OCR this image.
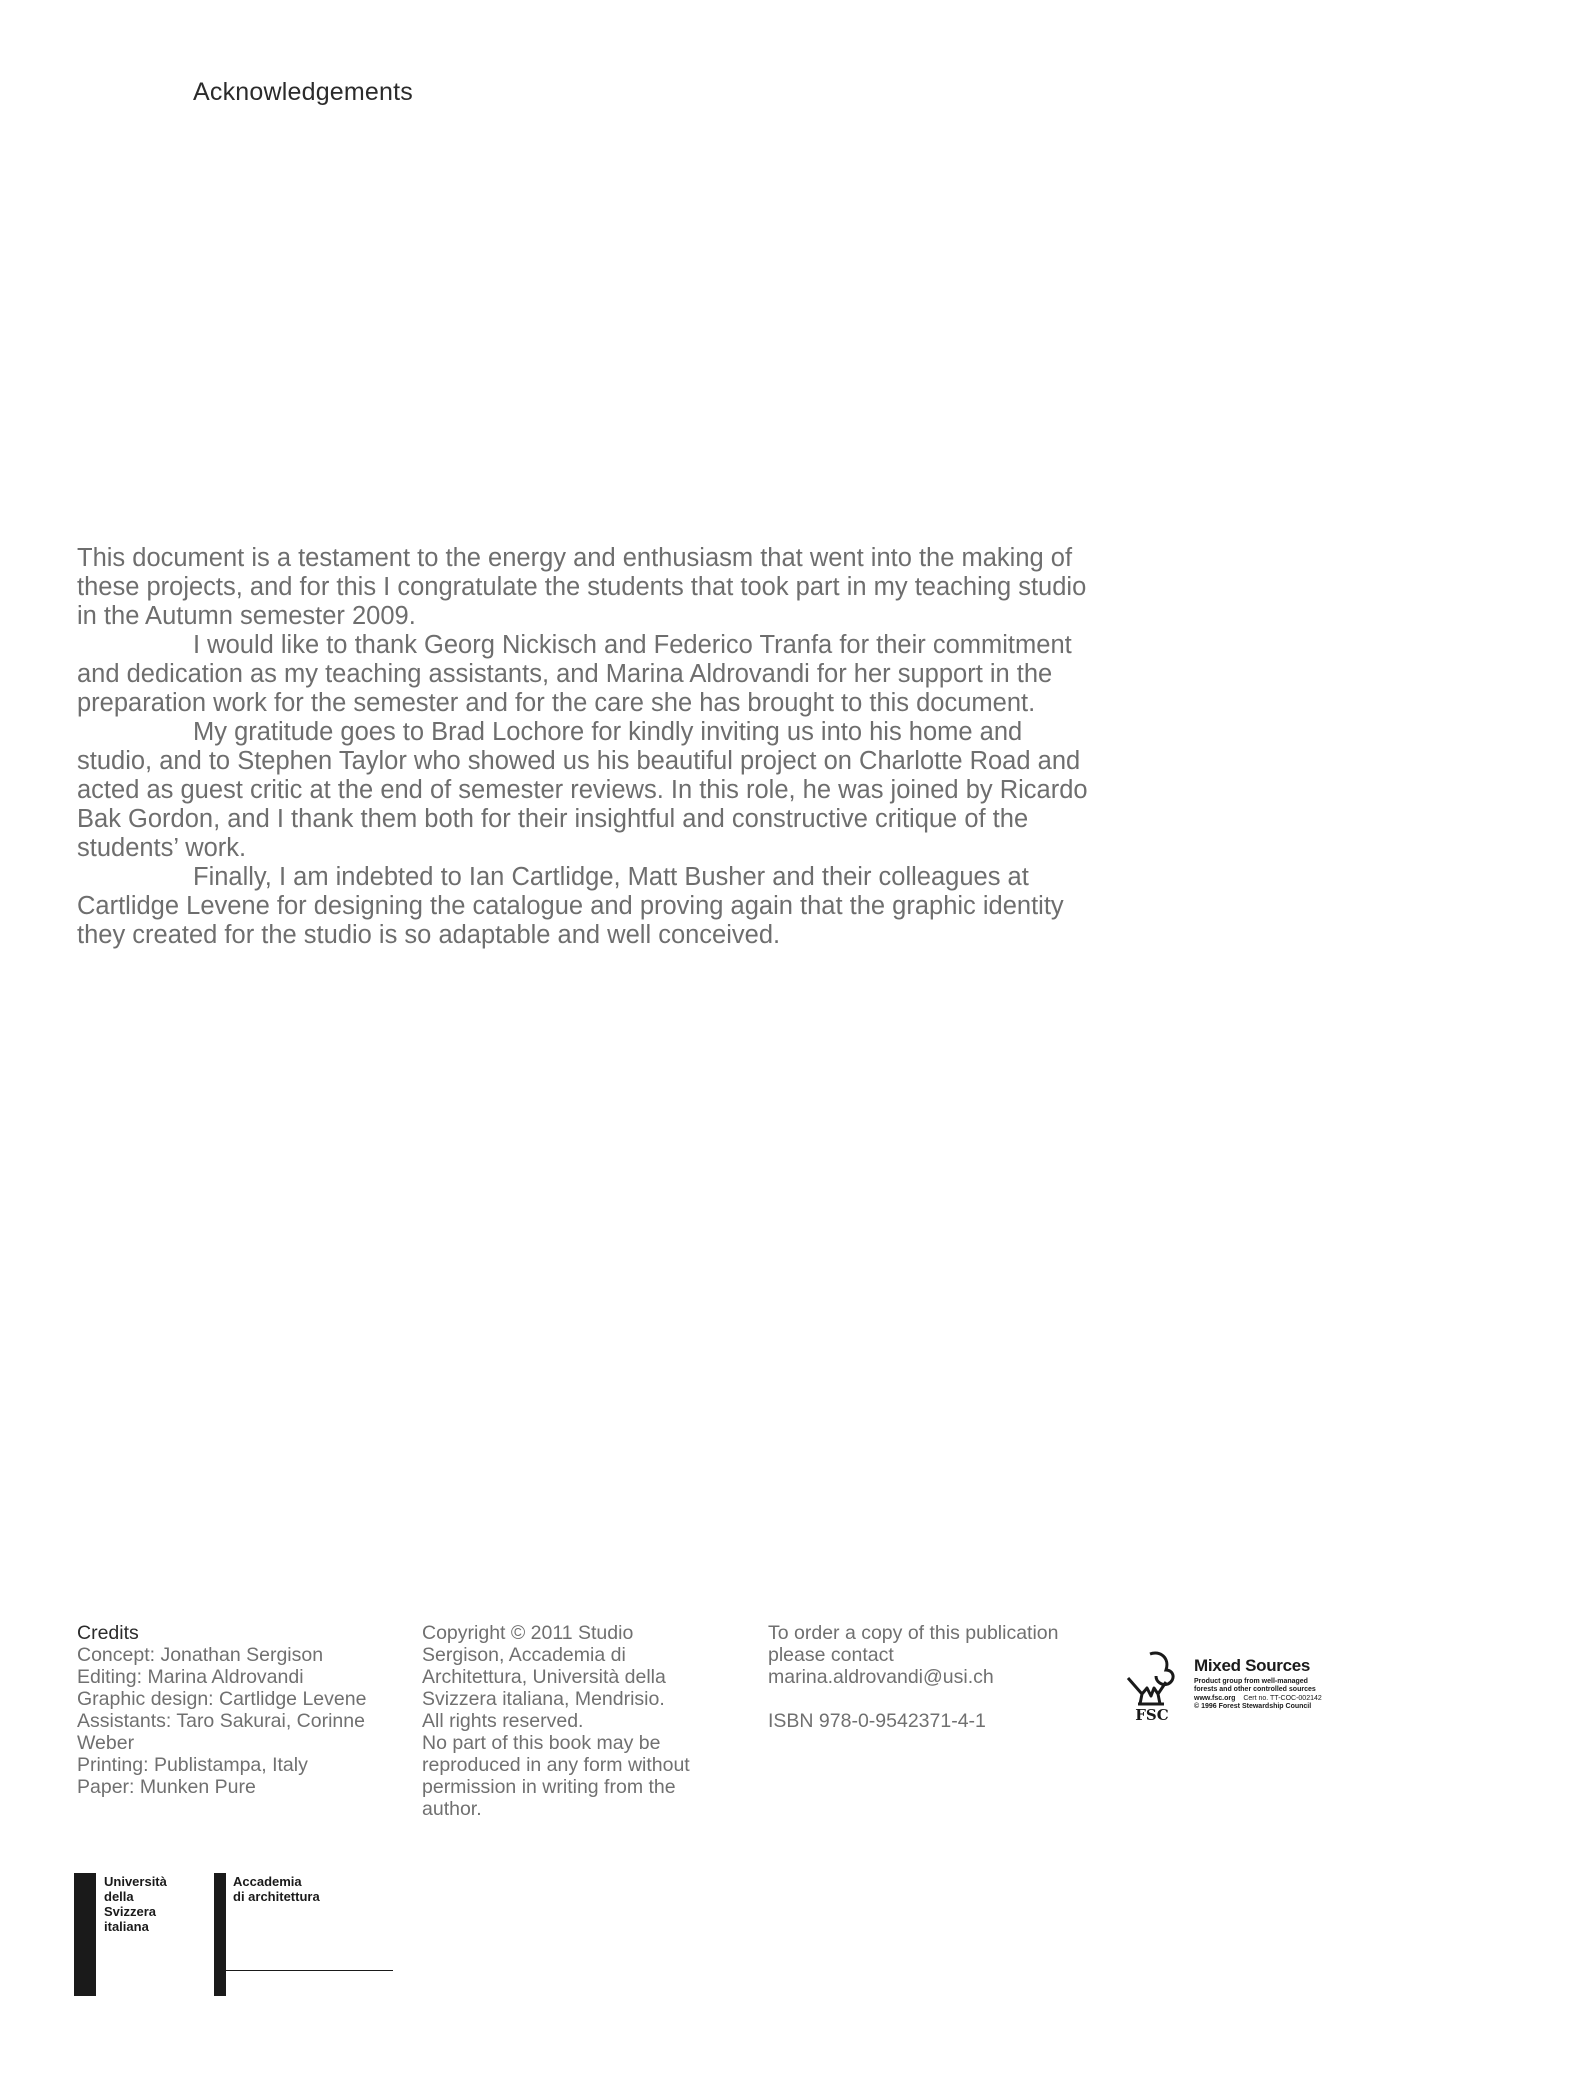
Acknowledgements

This document is a testament to the energy and enthusiasm that went into the making of these projects, and for this I congratulate the students that took part in my teaching studio in the Autumn semester 2009.

I would like to thank Georg Nickisch and Federico Tranfa for their commitment and dedication as my teaching assistants, and Marina Aldrovandi for her support in the preparation work for the semester and for the care she has brought to this document.

My gratitude goes to Brad Lochore for kindly inviting us into his home and studio, and to Stephen Taylor who showed us his beautiful project on Charlotte Road and acted as guest critic at the end of semester reviews. In this role, he was joined by Ricardo Bak Gordon, and I thank them both for their insightful and constructive critique of the students’ work.

Finally, I am indebted to Ian Cartlidge, Matt Busher and their colleagues at Cartlidge Levene for designing the catalogue and proving again that the graphic identity they created for the studio is so adaptable and well conceived.

Credits
Concept: Jonathan Sergison
Editing: Marina Aldrovandi
Graphic design: Cartlidge Levene
Assistants: Taro Sakurai, Corinne
Weber
Printing: Publistampa, Italy
Paper: Munken Pure
Copyright © 2011 Studio
Sergison, Accademia di
Architettura, Università della
Svizzera italiana, Mendrisio.
All rights reserved.
No part of this book may be
reproduced in any form without
permission in writing from the
author.
To order a copy of this publication
please contact
marina.aldrovandi@usi.ch
ISBN 978-0-9542371-4-1	FSC
Mixed Sources
Product group from well-managed
forests and other controlled sources
www.fsc.org Cert no. TT-COC-002142
© 1996 Forest Stewardship Council
Università
della
Svizzera
italiana
Accademia
di architettura
